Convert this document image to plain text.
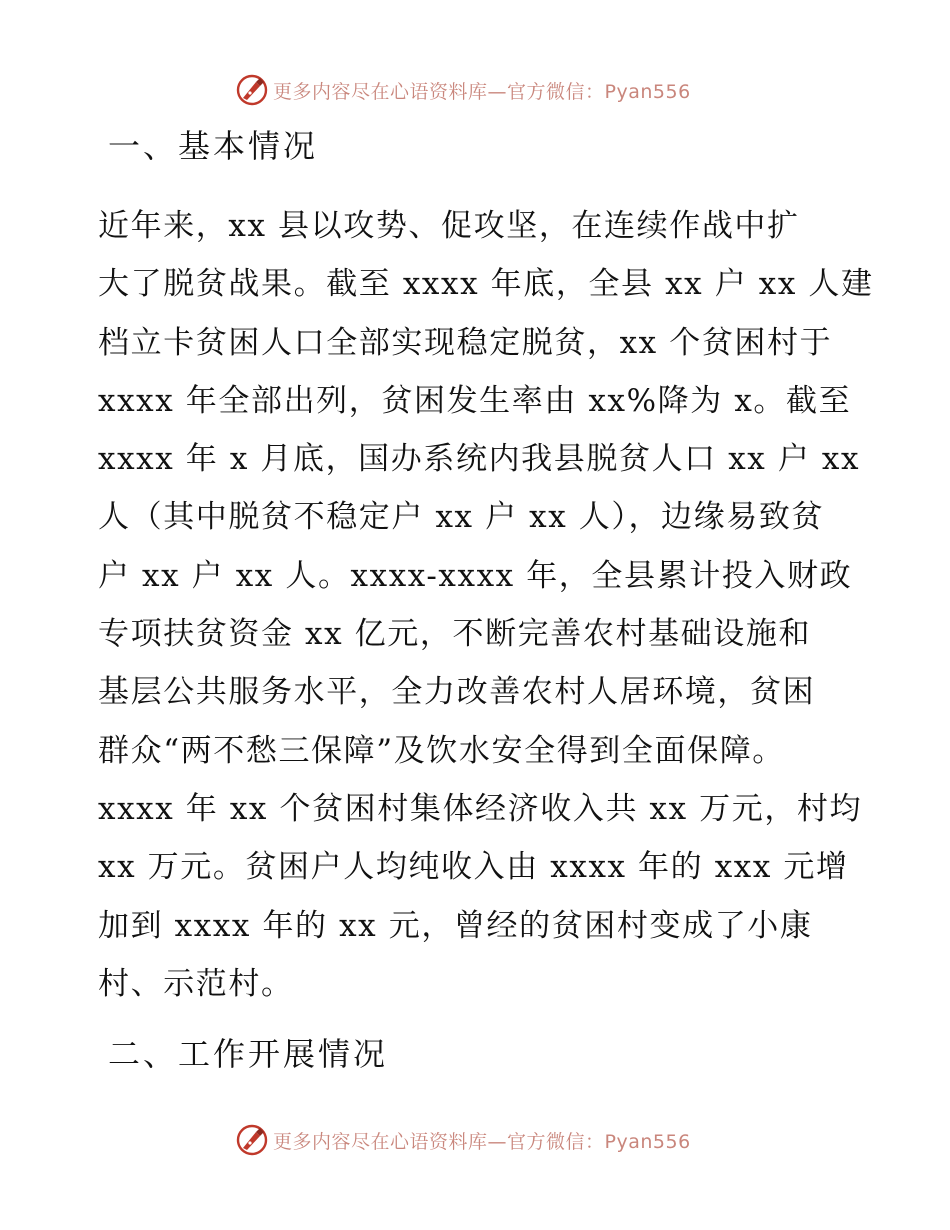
更多内容尽在心语资料库—官方微信：Pyan556
一、基本情况
近年来，xx 县以攻势、促攻坚，在连续作战中扩
大了脱贫战果。截至 xxxx 年底，全县 xx 户 xx 人建
档立卡贫困人口全部实现稳定脱贫，xx 个贫困村于
xxxx 年全部出列，贫困发生率由 xx%降为 x。截至
xxxx 年 x 月底，国办系统内我县脱贫人口 xx 户 xx
人（其中脱贫不稳定户 xx 户 xx 人），边缘易致贫
户 xx 户 xx 人。xxxx-xxxx 年，全县累计投入财政
专项扶贫资金 xx 亿元，不断完善农村基础设施和
基层公共服务水平，全力改善农村人居环境，贫困
群众“两不愁三保障”及饮水安全得到全面保障。
xxxx 年 xx 个贫困村集体经济收入共 xx 万元，村均
xx 万元。贫困户人均纯收入由 xxxx 年的 xxx 元增
加到 xxxx 年的 xx 元，曾经的贫困村变成了小康
村、示范村。
二、工作开展情况
更多内容尽在心语资料库—官方微信：Pyan556
